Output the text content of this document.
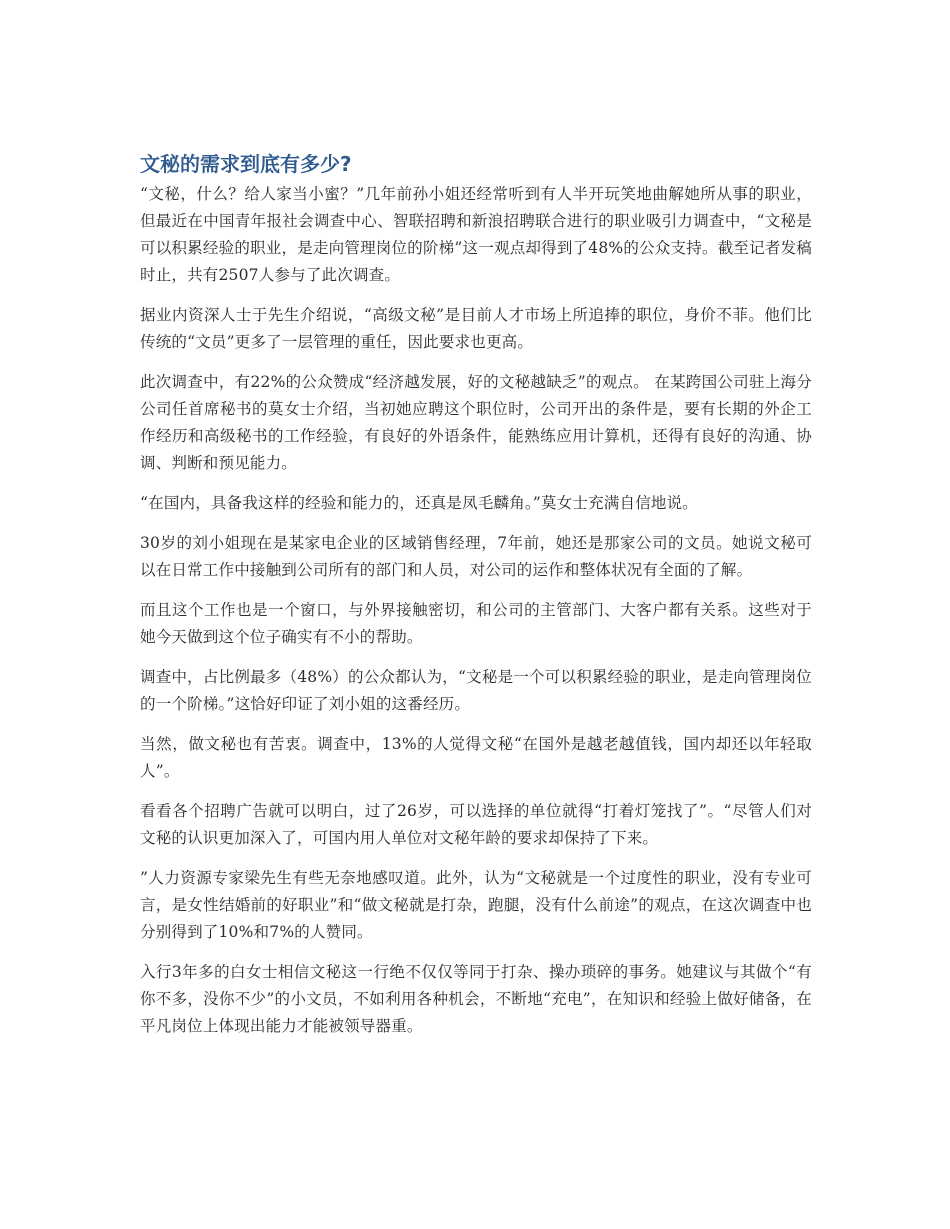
文秘的需求到底有多少?

“文秘，什么？给人家当小蜜？”几年前孙小姐还经常听到有人半开玩笑地曲解她所从事的职业，但最近在中国青年报社会调查中心、智联招聘和新浪招聘联合进行的职业吸引力调查中，“文秘是可以积累经验的职业，是走向管理岗位的阶梯”这一观点却得到了48%的公众支持。截至记者发稿时止，共有2507人参与了此次调查。

据业内资深人士于先生介绍说，“高级文秘”是目前人才市场上所追捧的职位，身价不菲。他们比传统的“文员”更多了一层管理的重任，因此要求也更高。

此次调查中，有22%的公众赞成“经济越发展，好的文秘越缺乏”的观点。 在某跨国公司驻上海分公司任首席秘书的莫女士介绍，当初她应聘这个职位时，公司开出的条件是，要有长期的外企工作经历和高级秘书的工作经验，有良好的外语条件，能熟练应用计算机，还得有良好的沟通、协调、判断和预见能力。

“在国内，具备我这样的经验和能力的，还真是凤毛麟角。”莫女士充满自信地说。

30岁的刘小姐现在是某家电企业的区域销售经理，7年前，她还是那家公司的文员。她说文秘可以在日常工作中接触到公司所有的部门和人员，对公司的运作和整体状况有全面的了解。

而且这个工作也是一个窗口，与外界接触密切，和公司的主管部门、大客户都有关系。这些对于她今天做到这个位子确实有不小的帮助。

调查中，占比例最多（48%）的公众都认为，“文秘是一个可以积累经验的职业，是走向管理岗位的一个阶梯。”这恰好印证了刘小姐的这番经历。

当然，做文秘也有苦衷。调查中，13%的人觉得文秘“在国外是越老越值钱，国内却还以年轻取人”。

看看各个招聘广告就可以明白，过了26岁，可以选择的单位就得“打着灯笼找了”。“尽管人们对文秘的认识更加深入了，可国内用人单位对文秘年龄的要求却保持了下来。

”人力资源专家梁先生有些无奈地感叹道。此外，认为“文秘就是一个过度性的职业，没有专业可言，是女性结婚前的好职业”和“做文秘就是打杂，跑腿，没有什么前途”的观点，在这次调查中也分别得到了10%和7%的人赞同。

入行3年多的白女士相信文秘这一行绝不仅仅等同于打杂、操办琐碎的事务。她建议与其做个“有你不多，没你不少”的小文员，不如利用各种机会，不断地“充电”，在知识和经验上做好储备，在平凡岗位上体现出能力才能被领导器重。
